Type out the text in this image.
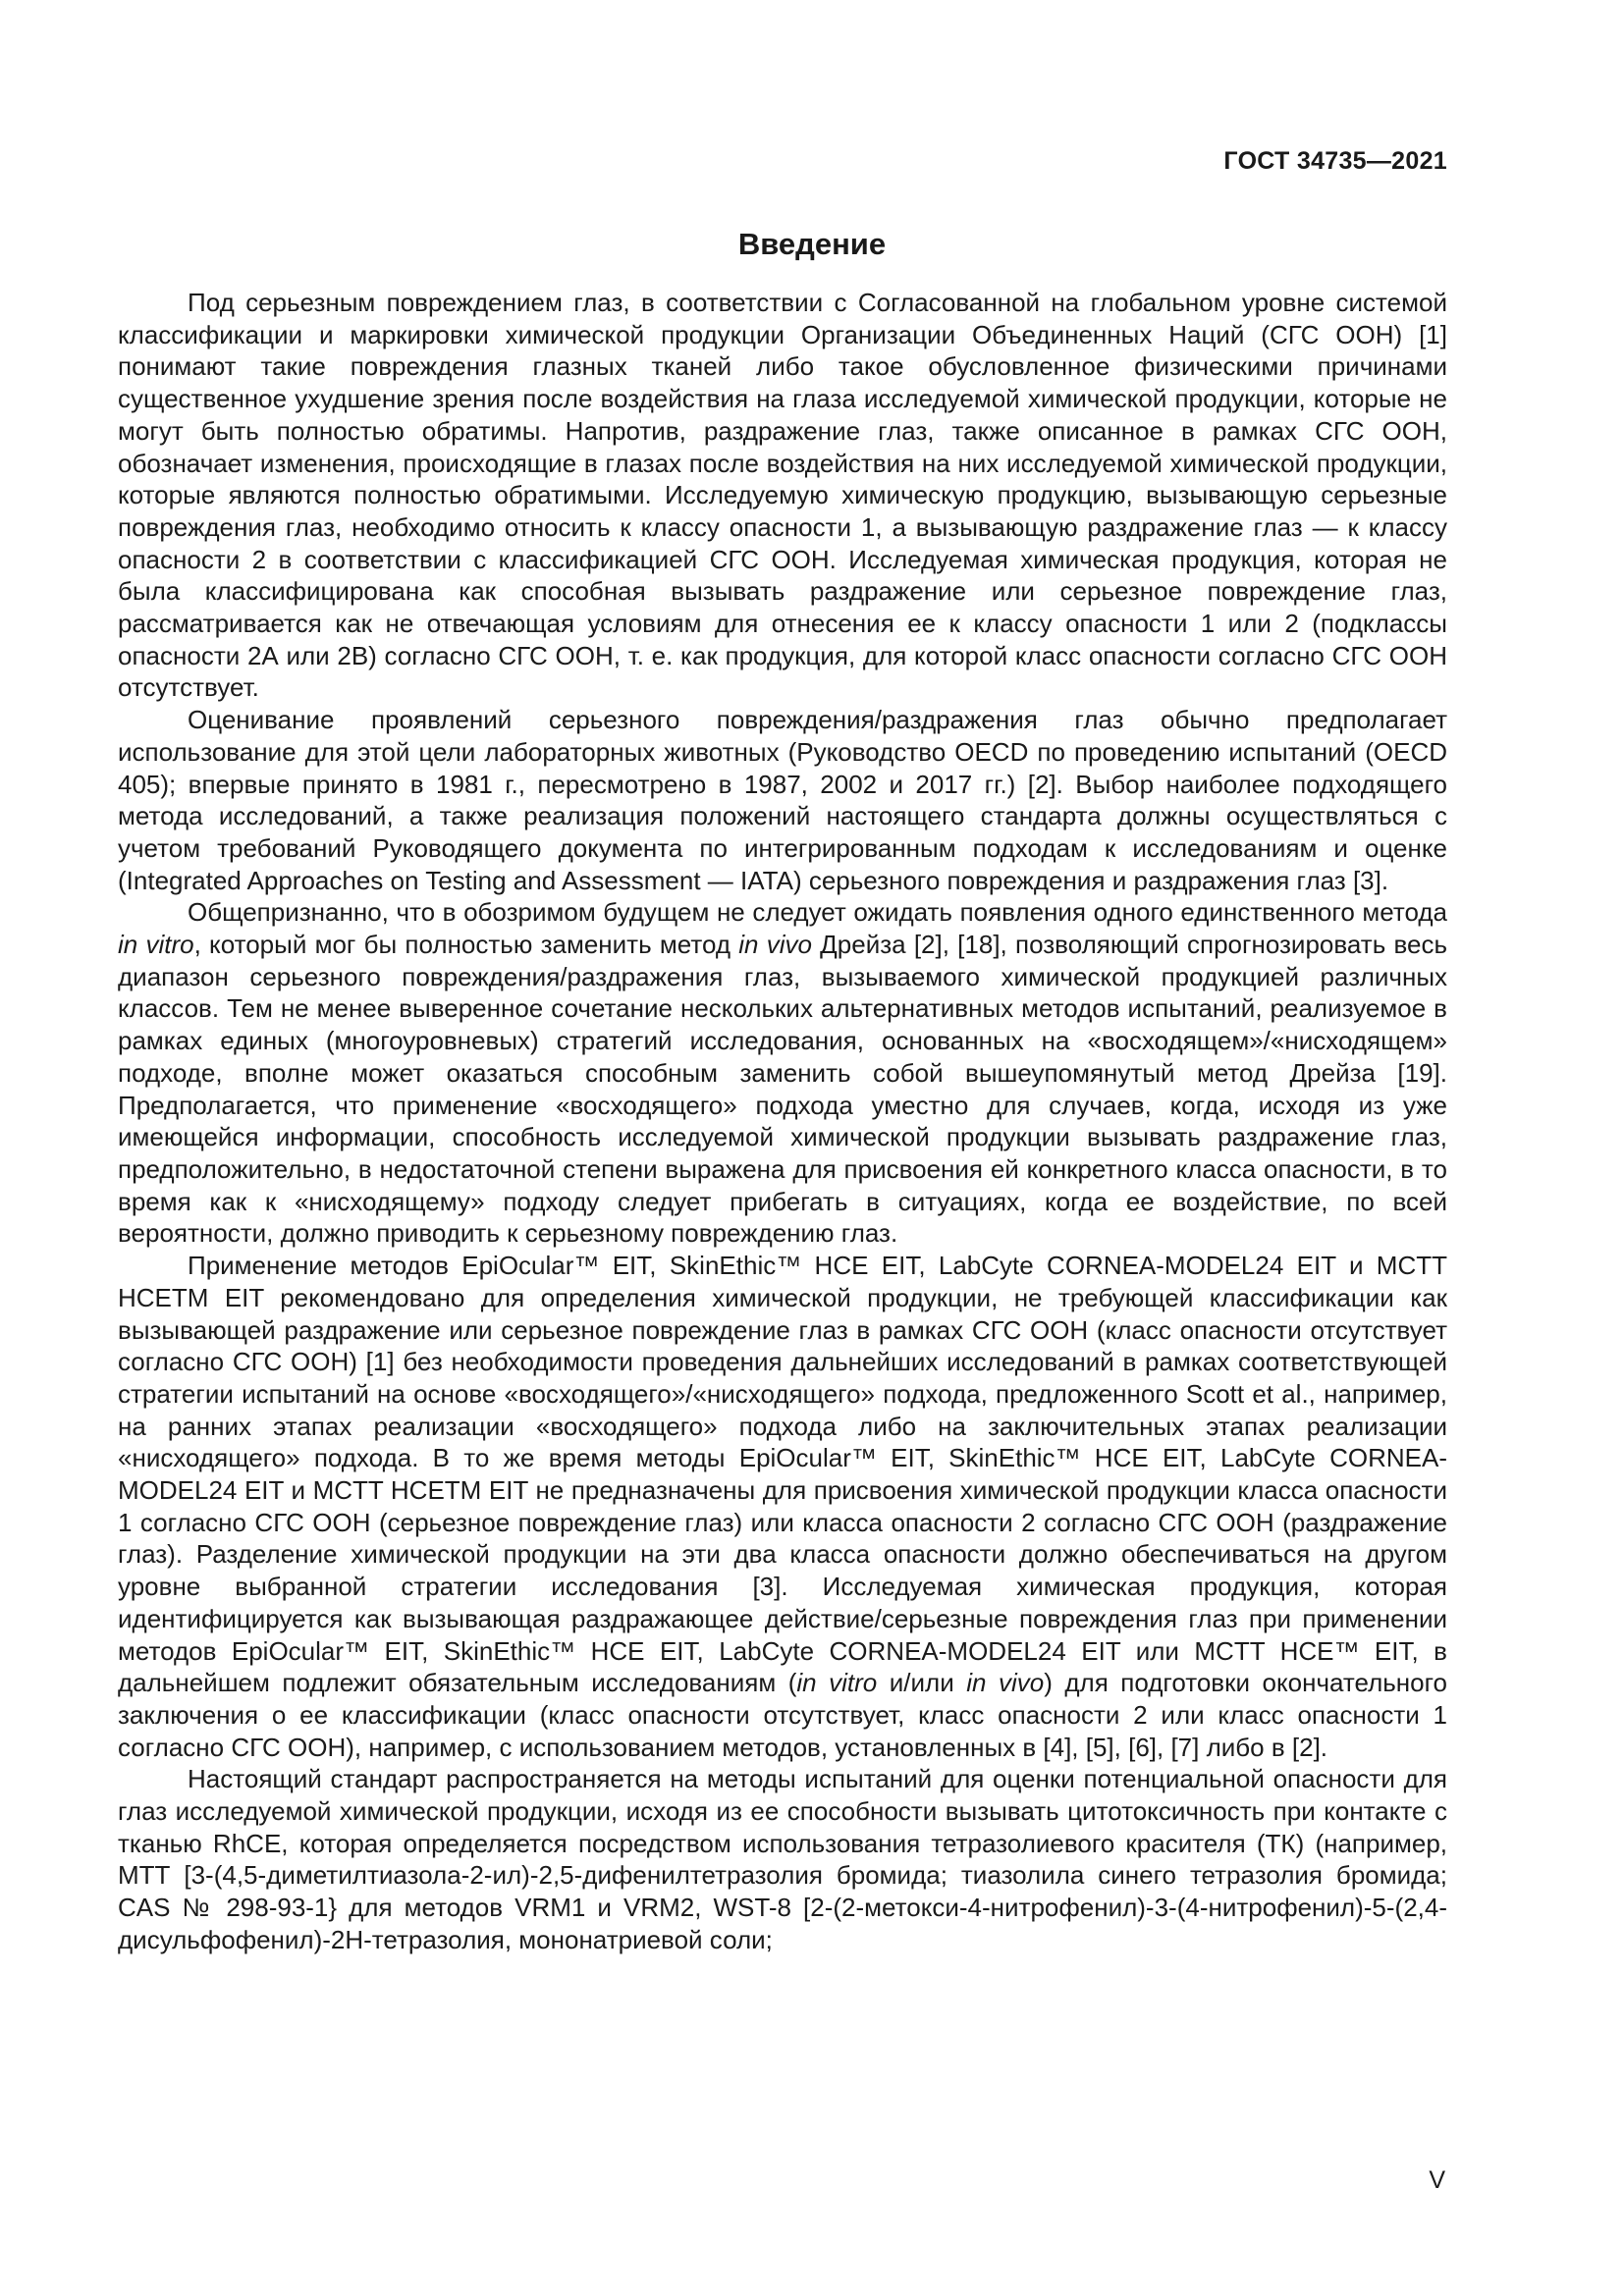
ГОСТ 34735—2021
Введение

Под серьезным повреждением глаз, в соответствии с Согласованной на глобальном уровне системой классификации и маркировки химической продукции Организации Объединенных Наций (СГС ООН) [1] понимают такие повреждения глазных тканей либо такое обусловленное физическими причинами существенное ухудшение зрения после воздействия на глаза исследуемой химической продукции, которые не могут быть полностью обратимы. Напротив, раздражение глаз, также описанное в рамках СГС ООН, обозначает изменения, происходящие в глазах после воздействия на них исследуемой химической продукции, которые являются полностью обратимыми. Исследуемую химическую продукцию, вызывающую серьезные повреждения глаз, необходимо относить к классу опасности 1, а вызывающую раздражение глаз — к классу опасности 2 в соответствии с классификацией СГС ООН. Исследуемая химическая продукция, которая не была классифицирована как способная вызывать раздражение или серьезное повреждение глаз, рассматривается как не отвечающая условиям для отнесения ее к классу опасности 1 или 2 (подклассы опасности 2А или 2В) согласно СГС ООН, т. е. как продукция, для которой класс опасности согласно СГС ООН отсутствует.

Оценивание проявлений серьезного повреждения/раздражения глаз обычно предполагает использование для этой цели лабораторных животных (Руководство OECD по проведению испытаний (OECD 405); впервые принято в 1981 г., пересмотрено в 1987, 2002 и 2017 гг.) [2]. Выбор наиболее подходящего метода исследований, а также реализация положений настоящего стандарта должны осуществляться с учетом требований Руководящего документа по интегрированным подходам к исследованиям и оценке (Integrated Approaches on Testing and Assessment — IATA) серьезного повреждения и раздражения глаз [3].

Общепризнанно, что в обозримом будущем не следует ожидать появления одного единственного метода in vitro, который мог бы полностью заменить метод in vivo Дрейза [2], [18], позволяющий спрогнозировать весь диапазон серьезного повреждения/раздражения глаз, вызываемого химической продукцией различных классов. Тем не менее выверенное сочетание нескольких альтернативных методов испытаний, реализуемое в рамках единых (многоуровневых) стратегий исследования, основанных на «восходящем»/«нисходящем» подходе, вполне может оказаться способным заменить собой вышеупомянутый метод Дрейза [19]. Предполагается, что применение «восходящего» подхода уместно для случаев, когда, исходя из уже имеющейся информации, способность исследуемой химической продукции вызывать раздражение глаз, предположительно, в недостаточной степени выражена для присвоения ей конкретного класса опасности, в то время как к «нисходящему» подходу следует прибегать в ситуациях, когда ее воздействие, по всей вероятности, должно приводить к серьезному повреждению глаз.

Применение методов EpiOcular™ EIT, SkinEthic™ HCE EIT, LabCyte CORNEA-MODEL24 EIT и MCTT HCETM EIT рекомендовано для определения химической продукции, не требующей классификации как вызывающей раздражение или серьезное повреждение глаз в рамках СГС ООН (класс опасности отсутствует согласно СГС ООН) [1] без необходимости проведения дальнейших исследований в рамках соответствующей стратегии испытаний на основе «восходящего»/«нисходящего» подхода, предложенного Scott et al., например, на ранних этапах реализации «восходящего» подхода либо на заключительных этапах реализации «нисходящего» подхода. В то же время методы EpiOcular™ EIT, SkinEthic™ HCE EIT, LabCyte CORNEA-MODEL24 EIT и MCTT HCETM EIT не предназначены для присвоения химической продукции класса опасности 1 согласно СГС ООН (серьезное повреждение глаз) или класса опасности 2 согласно СГС ООН (раздражение глаз). Разделение химической продукции на эти два класса опасности должно обеспечиваться на другом уровне выбранной стратегии исследования [3]. Исследуемая химическая продукция, которая идентифицируется как вызывающая раздражающее действие/серьезные повреждения глаз при применении методов EpiOcular™ EIT, SkinEthic™ HCE EIT, LabCyte CORNEA-MODEL24 EIT или MCTT HCE™ EIT, в дальнейшем подлежит обязательным исследованиям (in vitro и/или in vivo) для подготовки окончательного заключения о ее классификации (класс опасности отсутствует, класс опасности 2 или класс опасности 1 согласно СГС ООН), например, с использованием методов, установленных в [4], [5], [6], [7] либо в [2].

Настоящий стандарт распространяется на методы испытаний для оценки потенциальной опасности для глаз исследуемой химической продукции, исходя из ее способности вызывать цитотоксичность при контакте с тканью RhCE, которая определяется посредством использования тетразолиевого красителя (ТК) (например, МТТ [3-(4,5-диметилтиазола-2-ил)-2,5-дифенилтетразолия бромида; тиазолила синего тетразолия бромида; CAS № 298-93-1} для методов VRM1 и VRM2, WST-8 [2-(2-метокси-4-нитрофенил)-3-(4-нитрофенил)-5-(2,4-дисульфофенил)-2Н-тетразолия, мононатриевой соли;

V
